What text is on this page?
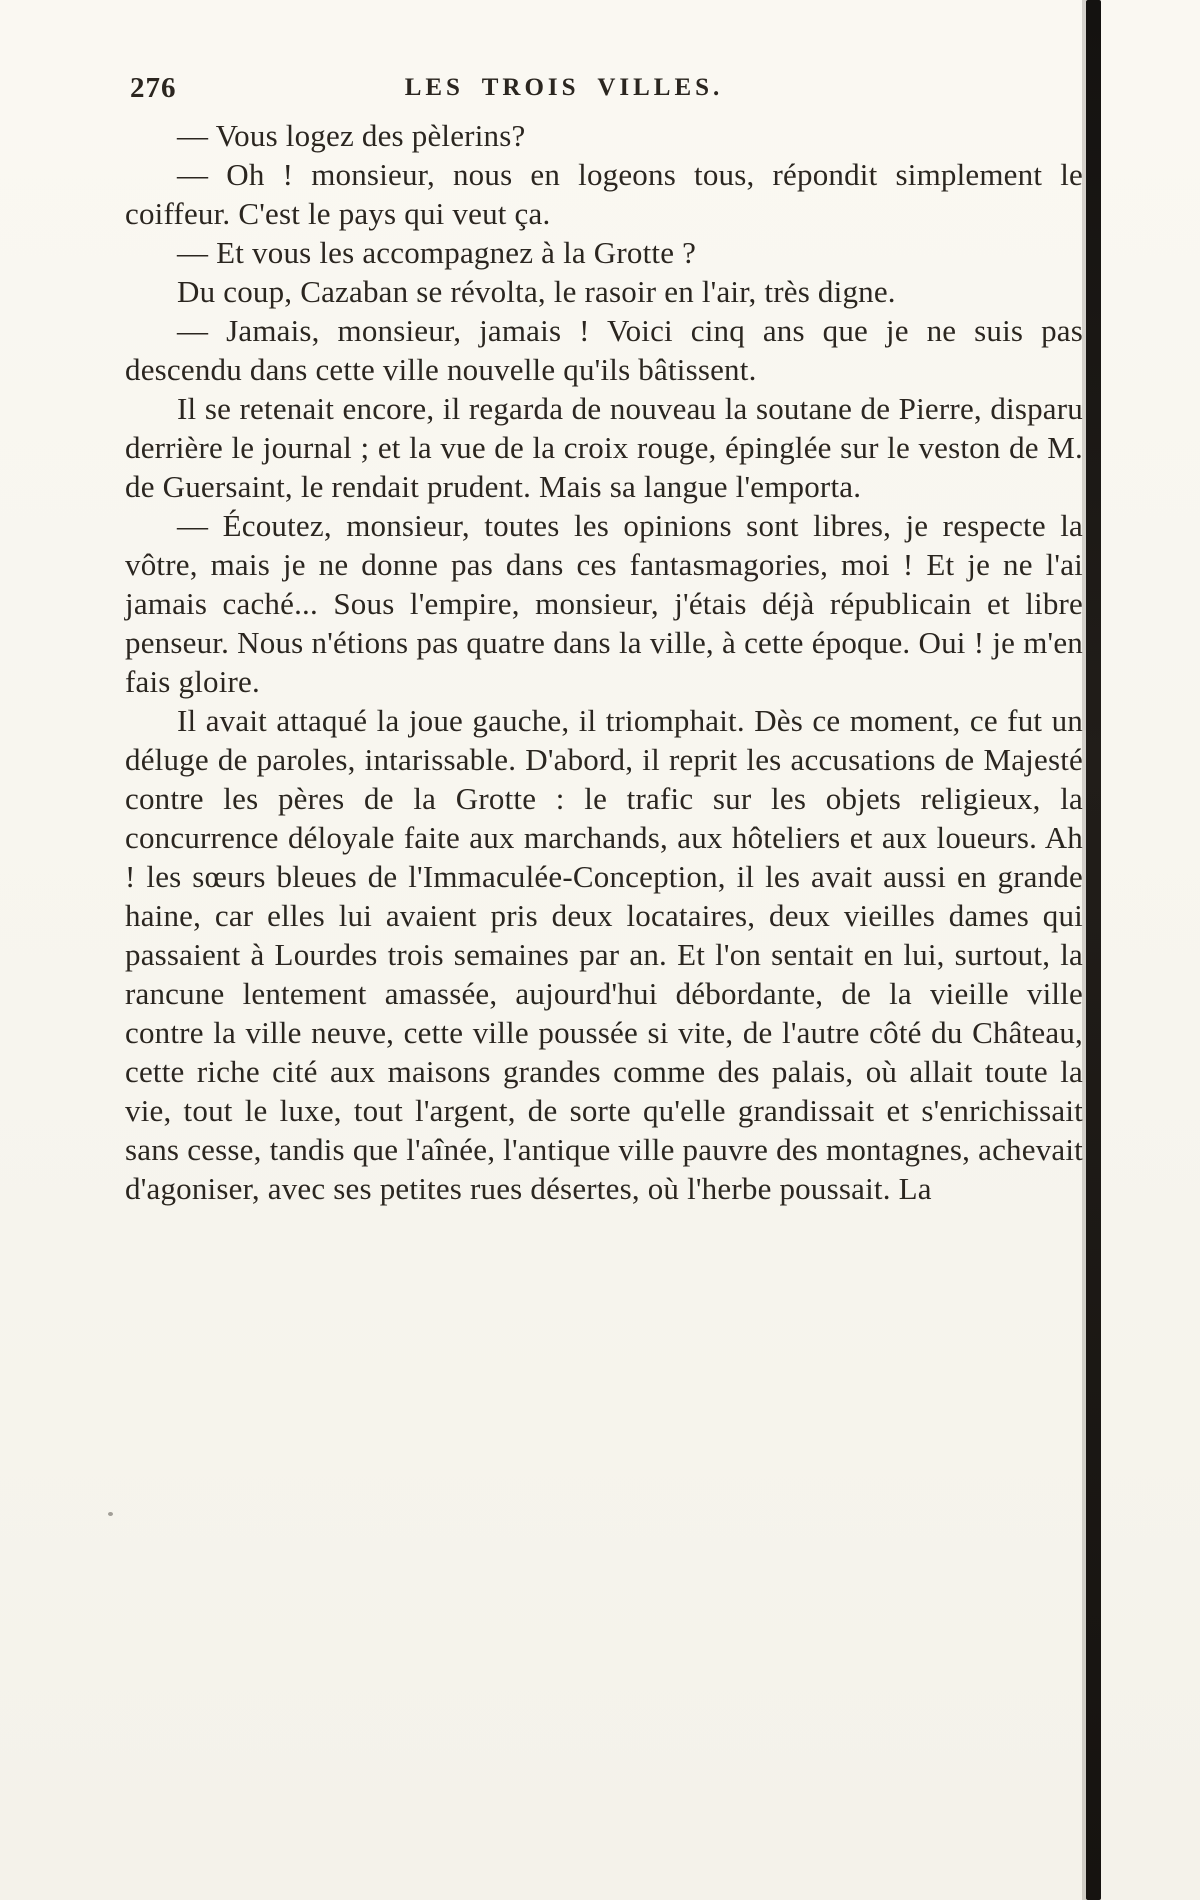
276	LES TROIS VILLES.

— Vous logez des pèlerins?

— Oh ! monsieur, nous en logeons tous, répondit simplement le coiffeur. C'est le pays qui veut ça.

— Et vous les accompagnez à la Grotte ?

Du coup, Cazaban se révolta, le rasoir en l'air, très digne.

— Jamais, monsieur, jamais ! Voici cinq ans que je ne suis pas descendu dans cette ville nouvelle qu'ils bâtissent.

Il se retenait encore, il regarda de nouveau la soutane de Pierre, disparu derrière le journal ; et la vue de la croix rouge, épinglée sur le veston de M. de Guersaint, le rendait prudent. Mais sa langue l'emporta.

— Écoutez, monsieur, toutes les opinions sont libres, je respecte la vôtre, mais je ne donne pas dans ces fantasmagories, moi ! Et je ne l'ai jamais caché... Sous l'empire, monsieur, j'étais déjà républicain et libre penseur. Nous n'étions pas quatre dans la ville, à cette époque. Oui ! je m'en fais gloire.

Il avait attaqué la joue gauche, il triomphait. Dès ce moment, ce fut un déluge de paroles, intarissable. D'abord, il reprit les accusations de Majesté contre les pères de la Grotte : le trafic sur les objets religieux, la concurrence déloyale faite aux marchands, aux hôteliers et aux loueurs. Ah ! les sœurs bleues de l'Immaculée-Conception, il les avait aussi en grande haine, car elles lui avaient pris deux locataires, deux vieilles dames qui passaient à Lourdes trois semaines par an. Et l'on sentait en lui, surtout, la rancune lentement amassée, aujourd'hui débordante, de la vieille ville contre la ville neuve, cette ville poussée si vite, de l'autre côté du Château, cette riche cité aux maisons grandes comme des palais, où allait toute la vie, tout le luxe, tout l'argent, de sorte qu'elle grandissait et s'enrichissait sans cesse, tandis que l'aînée, l'antique ville pauvre des montagnes, achevait d'agoniser, avec ses petites rues désertes, où l'herbe poussait. La
